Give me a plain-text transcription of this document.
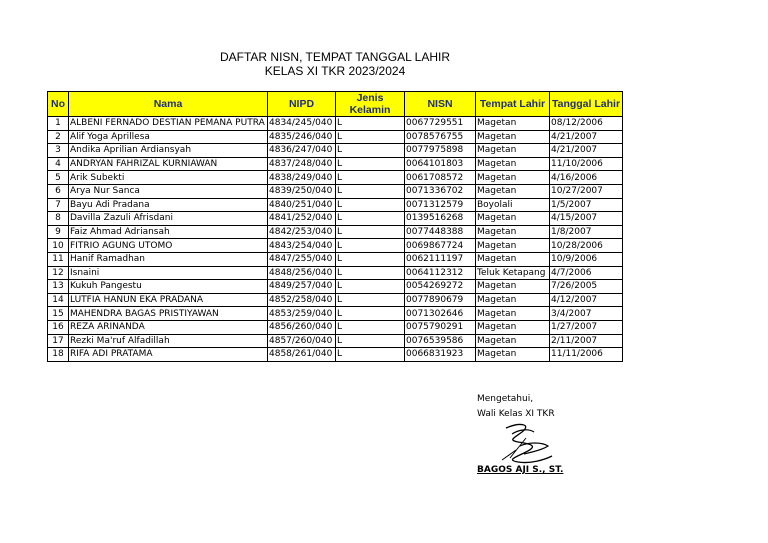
DAFTAR NISN, TEMPAT TANGGAL LAHIR
KELAS XI TKR 2023/2024
No	Nama	NIPD	Jenis Kelamin	NISN	Tempat Lahir	Tanggal Lahir
1	ALBENI FERNADO DESTIAN PEMANA PUTRA	4834/245/040	L	0067729551	Magetan	08/12/2006
2	Alif Yoga Aprillesa	4835/246/040	L	0078576755	Magetan	4/21/2007
3	Andika Aprilian Ardiansyah	4836/247/040	L	0077975898	Magetan	4/21/2007
4	ANDRYAN FAHRIZAL KURNIAWAN	4837/248/040	L	0064101803	Magetan	11/10/2006
5	Arik Subekti	4838/249/040	L	0061708572	Magetan	4/16/2006
6	Arya Nur Sanca	4839/250/040	L	0071336702	Magetan	10/27/2007
7	Bayu Adi Pradana	4840/251/040	L	0071312579	Boyolali	1/5/2007
8	Davilla Zazuli Afrisdani	4841/252/040	L	0139516268	Magetan	4/15/2007
9	Faiz Ahmad Adriansah	4842/253/040	L	0077448388	Magetan	1/8/2007
10	FITRIO AGUNG UTOMO	4843/254/040	L	0069867724	Magetan	10/28/2006
11	Hanif Ramadhan	4847/255/040	L	0062111197	Magetan	10/9/2006
12	Isnaini	4848/256/040	L	0064112312	Teluk Ketapang	4/7/2006
13	Kukuh Pangestu	4849/257/040	L	0054269272	Magetan	7/26/2005
14	LUTFIA HANUN EKA PRADANA	4852/258/040	L	0077890679	Magetan	4/12/2007
15	MAHENDRA BAGAS PRISTIYAWAN	4853/259/040	L	0071302646	Magetan	3/4/2007
16	REZA ARINANDA	4856/260/040	L	0075790291	Magetan	1/27/2007
17	Rezki Ma'ruf Alfadillah	4857/260/040	L	0076539586	Magetan	2/11/2007
18	RIFA ADI PRATAMA	4858/261/040	L	0066831923	Magetan	11/11/2006
Mengetahui,
Wali Kelas XI TKR
BAGOS AJI S., ST.
